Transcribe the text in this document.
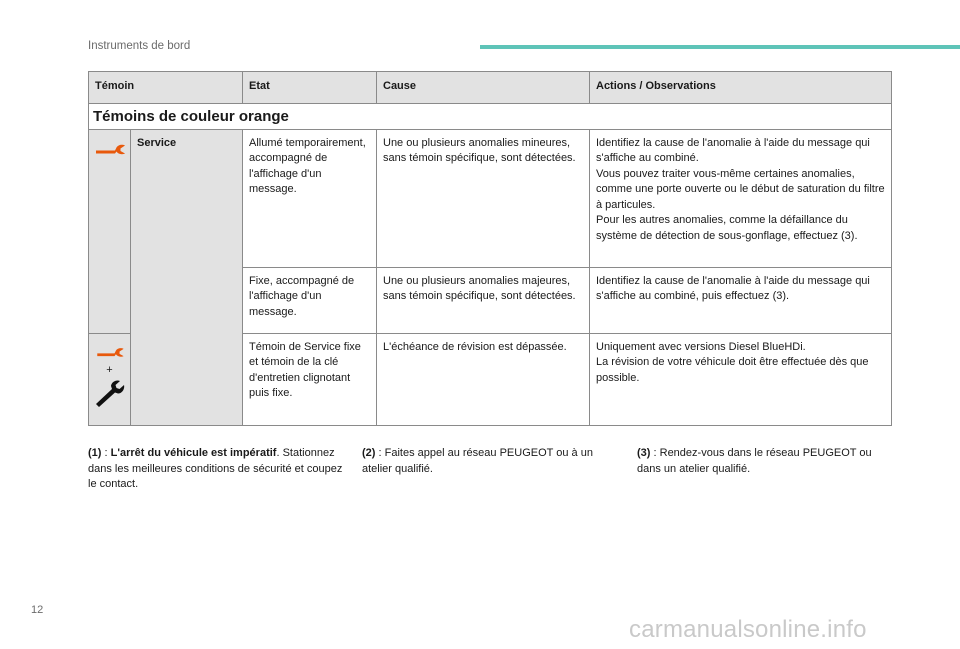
Instruments de bord
Témoin		Etat	Cause	Actions / Observations
Témoins de couleur orange				
	Service	Allumé temporairement, accompagné de l'affichage d'un message.	Une ou plusieurs anomalies mineures, sans témoin spécifique, sont détectées.	Identifiez la cause de l'anomalie à l'aide du message qui s'affiche au combiné.
Vous pouvez traiter vous-même certaines anomalies, comme une porte ouverte ou le début de saturation du filtre à particules.
Pour les autres anomalies, comme la défaillance du système de détection de sous-gonflage, effectuez (3).

		Fixe, accompagné de l'affichage d'un message.	Une ou plusieurs anomalies majeures, sans témoin spécifique, sont détectées.	Identifiez la cause de l'anomalie à l'aide du message qui s'affiche au combiné, puis effectuez (3).

+		Témoin de Service fixe et témoin de la clé d'entretien clignotant puis fixe.	L'échéance de révision est dépassée.	Uniquement avec versions Diesel BlueHDi.
La révision de votre véhicule doit être effectuée dès que possible.
(1) : L'arrêt du véhicule est impératif. Stationnez dans les meilleures conditions de sécurité et coupez le contact.
(2) : Faites appel au réseau PEUGEOT ou à un atelier qualifié.
(3) : Rendez-vous dans le réseau PEUGEOT ou dans un atelier qualifié.
12
carmanualsonline.info
